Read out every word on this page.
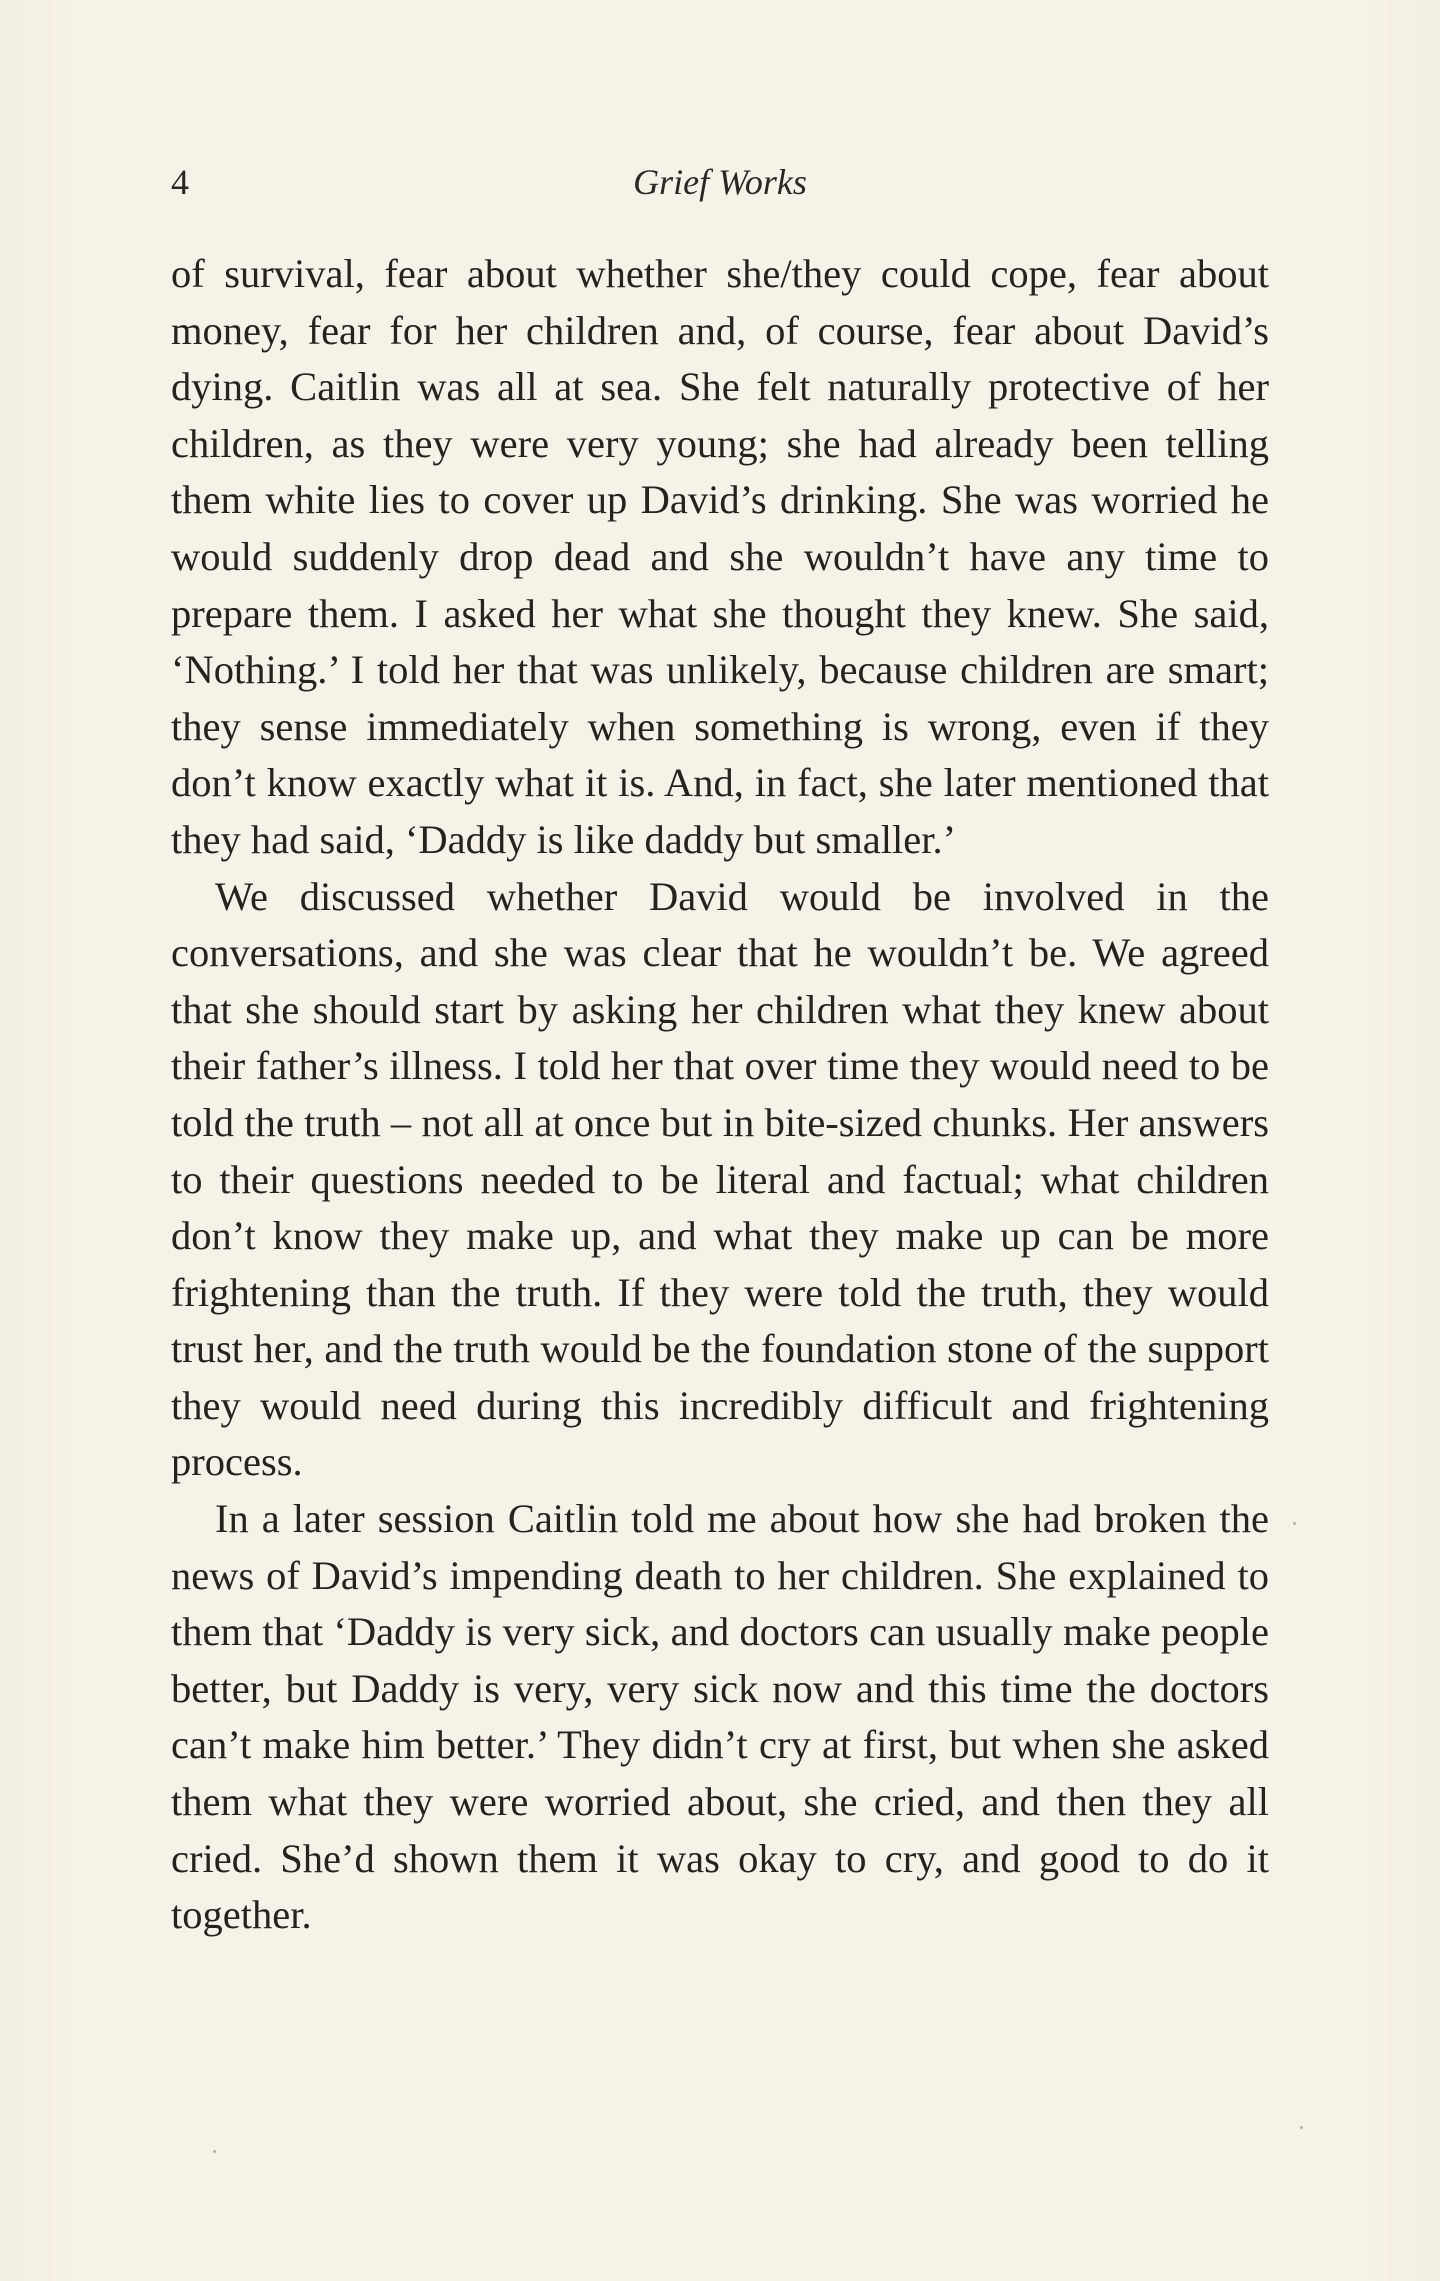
4	Grief Works

of survival, fear about whether she/they could cope, fear about money, fear for her children and, of course, fear about David’s dying. Caitlin was all at sea. She felt naturally protective of her children, as they were very young; she had already been telling them white lies to cover up David’s drinking. She was worried he would suddenly drop dead and she wouldn’t have any time to prepare them. I asked her what she thought they knew. She said, ‘Nothing.’ I told her that was unlikely, because children are smart; they sense immediately when something is wrong, even if they don’t know exactly what it is. And, in fact, she later mentioned that they had said, ‘Daddy is like daddy but smaller.’

We discussed whether David would be involved in the conversations, and she was clear that he wouldn’t be. We agreed that she should start by asking her children what they knew about their father’s illness. I told her that over time they would need to be told the truth – not all at once but in bite-sized chunks. Her answers to their questions needed to be literal and factual; what children don’t know they make up, and what they make up can be more frightening than the truth. If they were told the truth, they would trust her, and the truth would be the foundation stone of the support they would need during this incredibly difficult and frightening process.

In a later session Caitlin told me about how she had broken the news of David’s impending death to her children. She explained to them that ‘Daddy is very sick, and doctors can usually make people better, but Daddy is very, very sick now and this time the doctors can’t make him better.’ They didn’t cry at first, but when she asked them what they were worried about, she cried, and then they all cried. She’d shown them it was okay to cry, and good to do it together.
